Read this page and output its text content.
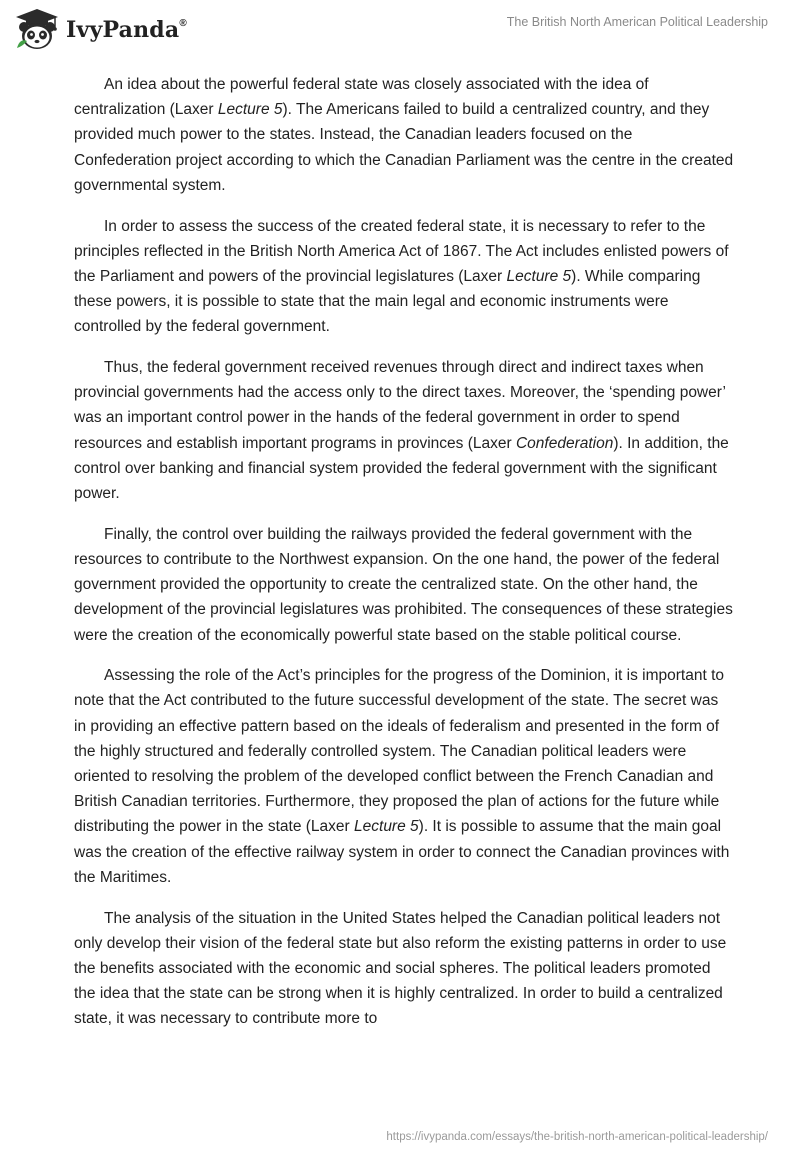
IvyPanda®	The British North American Political Leadership

An idea about the powerful federal state was closely associated with the idea of centralization (Laxer Lecture 5). The Americans failed to build a centralized country, and they provided much power to the states. Instead, the Canadian leaders focused on the Confederation project according to which the Canadian Parliament was the centre in the created governmental system.

In order to assess the success of the created federal state, it is necessary to refer to the principles reflected in the British North America Act of 1867. The Act includes enlisted powers of the Parliament and powers of the provincial legislatures (Laxer Lecture 5). While comparing these powers, it is possible to state that the main legal and economic instruments were controlled by the federal government.

Thus, the federal government received revenues through direct and indirect taxes when provincial governments had the access only to the direct taxes. Moreover, the ‘spending power’ was an important control power in the hands of the federal government in order to spend resources and establish important programs in provinces (Laxer Confederation). In addition, the control over banking and financial system provided the federal government with the significant power.

Finally, the control over building the railways provided the federal government with the resources to contribute to the Northwest expansion. On the one hand, the power of the federal government provided the opportunity to create the centralized state. On the other hand, the development of the provincial legislatures was prohibited. The consequences of these strategies were the creation of the economically powerful state based on the stable political course.

Assessing the role of the Act’s principles for the progress of the Dominion, it is important to note that the Act contributed to the future successful development of the state. The secret was in providing an effective pattern based on the ideals of federalism and presented in the form of the highly structured and federally controlled system. The Canadian political leaders were oriented to resolving the problem of the developed conflict between the French Canadian and British Canadian territories. Furthermore, they proposed the plan of actions for the future while distributing the power in the state (Laxer Lecture 5). It is possible to assume that the main goal was the creation of the effective railway system in order to connect the Canadian provinces with the Maritimes.

The analysis of the situation in the United States helped the Canadian political leaders not only develop their vision of the federal state but also reform the existing patterns in order to use the benefits associated with the economic and social spheres. The political leaders promoted the idea that the state can be strong when it is highly centralized. In order to build a centralized state, it was necessary to contribute more to

https://ivypanda.com/essays/the-british-north-american-political-leadership/
